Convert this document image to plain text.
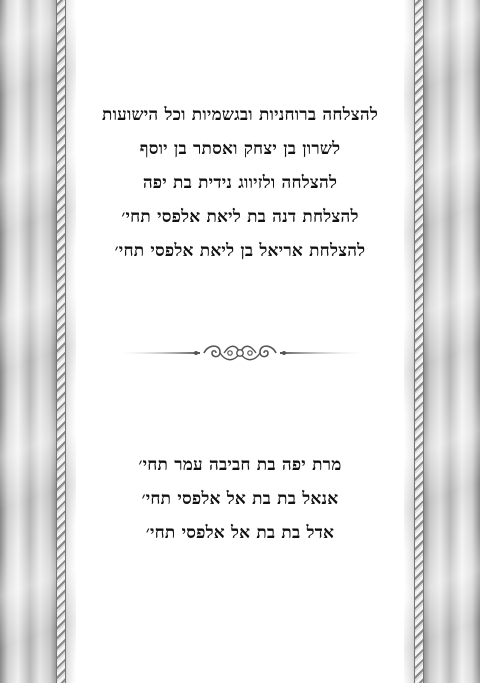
להצלחה ברוחניות ובגשמיות וכל הישועות
לשרון בן יצחק ואסתר בן יוסף
להצלחה ולזיווג נידית בת יפה
להצלחת דנה בת ליאת אלפסי תחי׳
להצלחת אריאל בן ליאת אלפסי תחי׳
מרת יפה בת חביבה עמר תחי׳
אנאל בת בת אל אלפסי תחי׳
אדל בת בת אל אלפסי תחי׳
